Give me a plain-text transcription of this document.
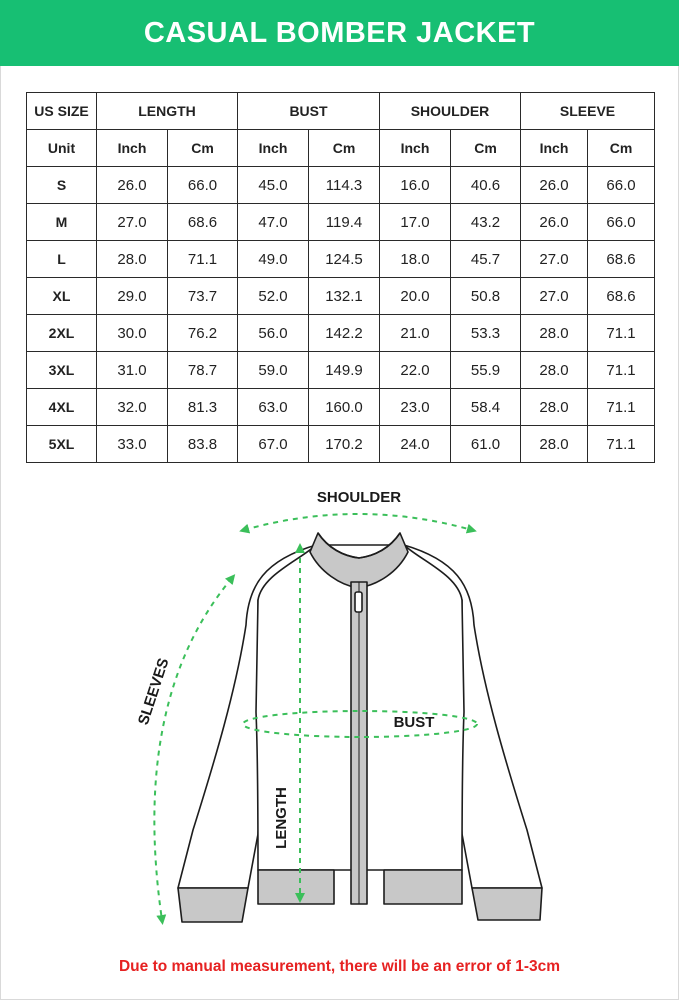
CASUAL BOMBER JACKET
US SIZE	LENGTH		BUST		SHOULDER		SLEEVE	
Unit	Inch	Cm	Inch	Cm	Inch	Cm	Inch	Cm
S	26.0	66.0	45.0	114.3	16.0	40.6	26.0	66.0
M	27.0	68.6	47.0	119.4	17.0	43.2	26.0	66.0
L	28.0	71.1	49.0	124.5	18.0	45.7	27.0	68.6
XL	29.0	73.7	52.0	132.1	20.0	50.8	27.0	68.6
2XL	30.0	76.2	56.0	142.2	21.0	53.3	28.0	71.1
3XL	31.0	78.7	59.0	149.9	22.0	55.9	28.0	71.1
4XL	32.0	81.3	63.0	160.0	23.0	58.4	28.0	71.1
5XL	33.0	83.8	67.0	170.2	24.0	61.0	28.0	71.1
SHOULDER
SLEEVES	BUST
LENGTH
Due to manual measurement, there will be an error of 1-3cm
